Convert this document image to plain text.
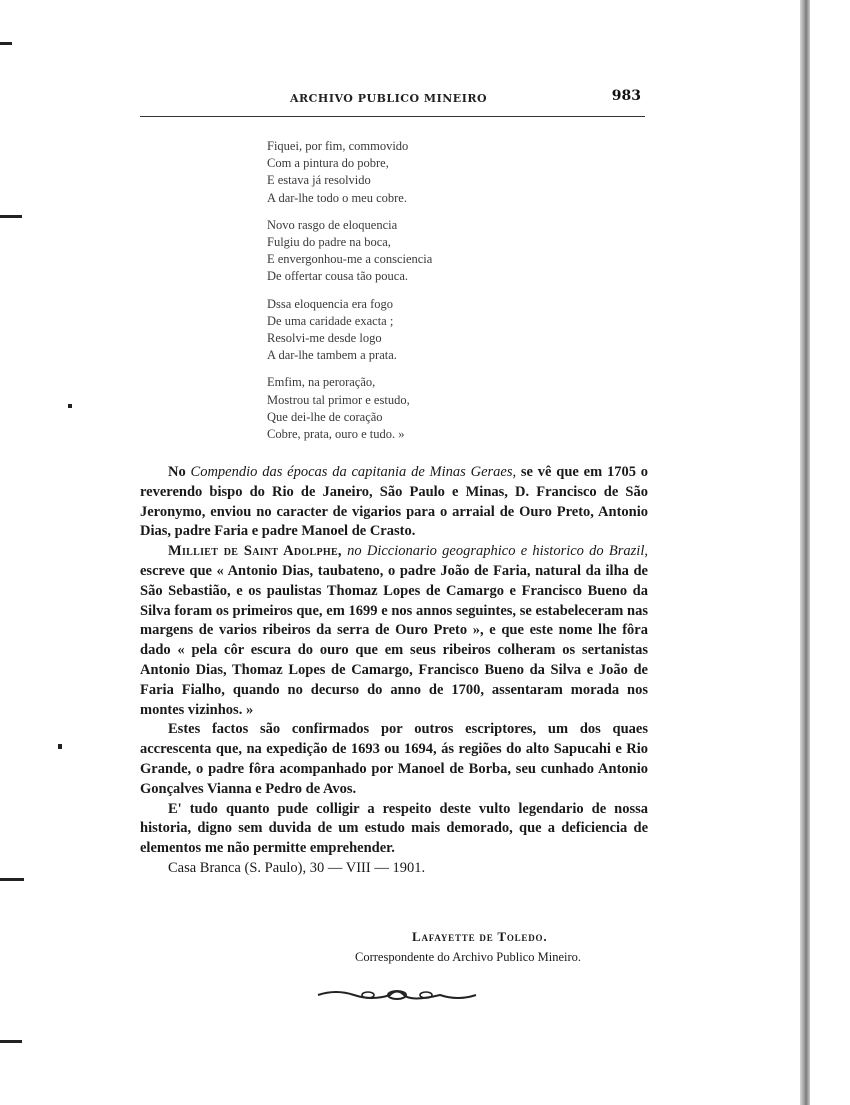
ARCHIVO PUBLICO MINEIRO	983
Fiquei, por fim, commovido
Com a pintura do pobre,
E estava já resolvido
A dar-lhe todo o meu cobre.
Novo rasgo de eloquencia
Fulgiu do padre na boca,
E envergonhou-me a consciencia
De offertar cousa tão pouca.
Dssa eloquencia era fogo
De uma caridade exacta ;
Resolvi-me desde logo
A dar-lhe tambem a prata.
Emfim, na peroração,
Mostrou tal primor e estudo,
Que dei-lhe de coração
Cobre, prata, ouro e tudo. »

No Compendio das épocas da capitania de Minas Geraes, se vê que em 1705 o reverendo bispo do Rio de Janeiro, São Paulo e Minas, D. Francisco de São Jeronymo, enviou no caracter de vigarios para o arraial de Ouro Preto, Antonio Dias, padre Faria e padre Manoel de Crasto.

Milliet de Saint Adolphe, no Diccionario geographico e historico do Brazil, escreve que « Antonio Dias, taubateno, o padre João de Faria, natural da ilha de São Sebastião, e os paulistas Thomaz Lopes de Camargo e Francisco Bueno da Silva foram os primeiros que, em 1699 e nos annos seguintes, se estabeleceram nas margens de varios ribeiros da serra de Ouro Preto », e que este nome lhe fôra dado « pela côr escura do ouro que em seus ribeiros colheram os sertanistas Antonio Dias, Thomaz Lopes de Camargo, Francisco Bueno da Silva e João de Faria Fialho, quando no decurso do anno de 1700, assentaram morada nos montes vizinhos. »

Estes factos são confirmados por outros escriptores, um dos quaes accrescenta que, na expedição de 1693 ou 1694, ás regiões do alto Sapucahi e Rio Grande, o padre fôra acompanhado por Manoel de Borba, seu cunhado Antonio Gonçalves Vianna e Pedro de Avos.

E' tudo quanto pude colligir a respeito deste vulto legendario de nossa historia, digno sem duvida de um estudo mais demorado, que a deficiencia de elementos me não permitte emprehender.

Casa Branca (S. Paulo), 30 — VIII — 1901.

Lafayette de Toledo.
Correspondente do Archivo Publico Mineiro.
